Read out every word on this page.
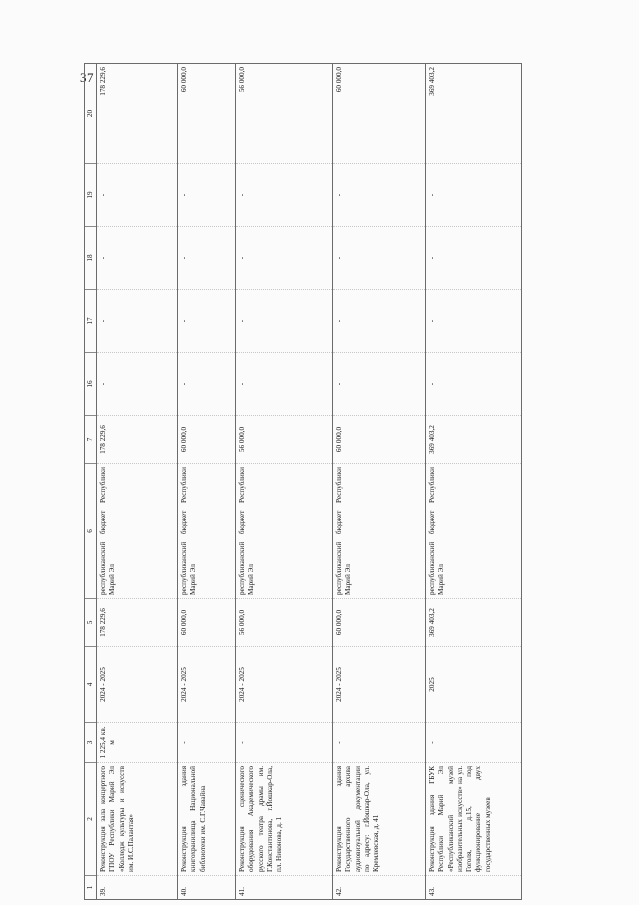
37
1	2	3	4	5	6	7	16	17	18	19	20
39.	Реконструкция зала концертного ГПОУ Республики Марий Эл «Колледж культуры и искусств им. И.С.Палантая»	1 225,4 кв. м	2024 - 2025	178 229,6	республиканский бюджет Республики Марий Эл	178 229,6	-	-	-	-	178 229,6
40.	Реконструкция здания книгохранилища Национальной библиотеки им. С.Г.Чавайна	-	2024 - 2025	60 000,0	республиканский бюджет Республики Марий Эл	60 000,0	-	-	-	-	60 000,0
41.	Реконструкция сценического оборудования Академического русского театра драмы им. Г.Константинова, г.Йошкар-Ола, пл. Никонова, д. 1	-	2024 - 2025	56 000,0	республиканский бюджет Республики Марий Эл	56 000,0	-	-	-	-	56 000,0
42.	Реконструкция здания Государственного архива аудиовизуальной документации по адресу: г.Йошкар-Ола, ул. Кремлевская, д. 41	-	2024 - 2025	60 000,0	республиканский бюджет Республики Марий Эл	60 000,0	-	-	-	-	60 000,0
43.	Реконструкция здания ГБУК Республики Марий Эл «Республиканский музей изобразительных искусств» на ул. Гоголя, д.15, под функционирование двух государственных музеев	-	2025	369 403,2	республиканский бюджет Республики Марий Эл	369 403,2	-	-	-	-	369 403,2
